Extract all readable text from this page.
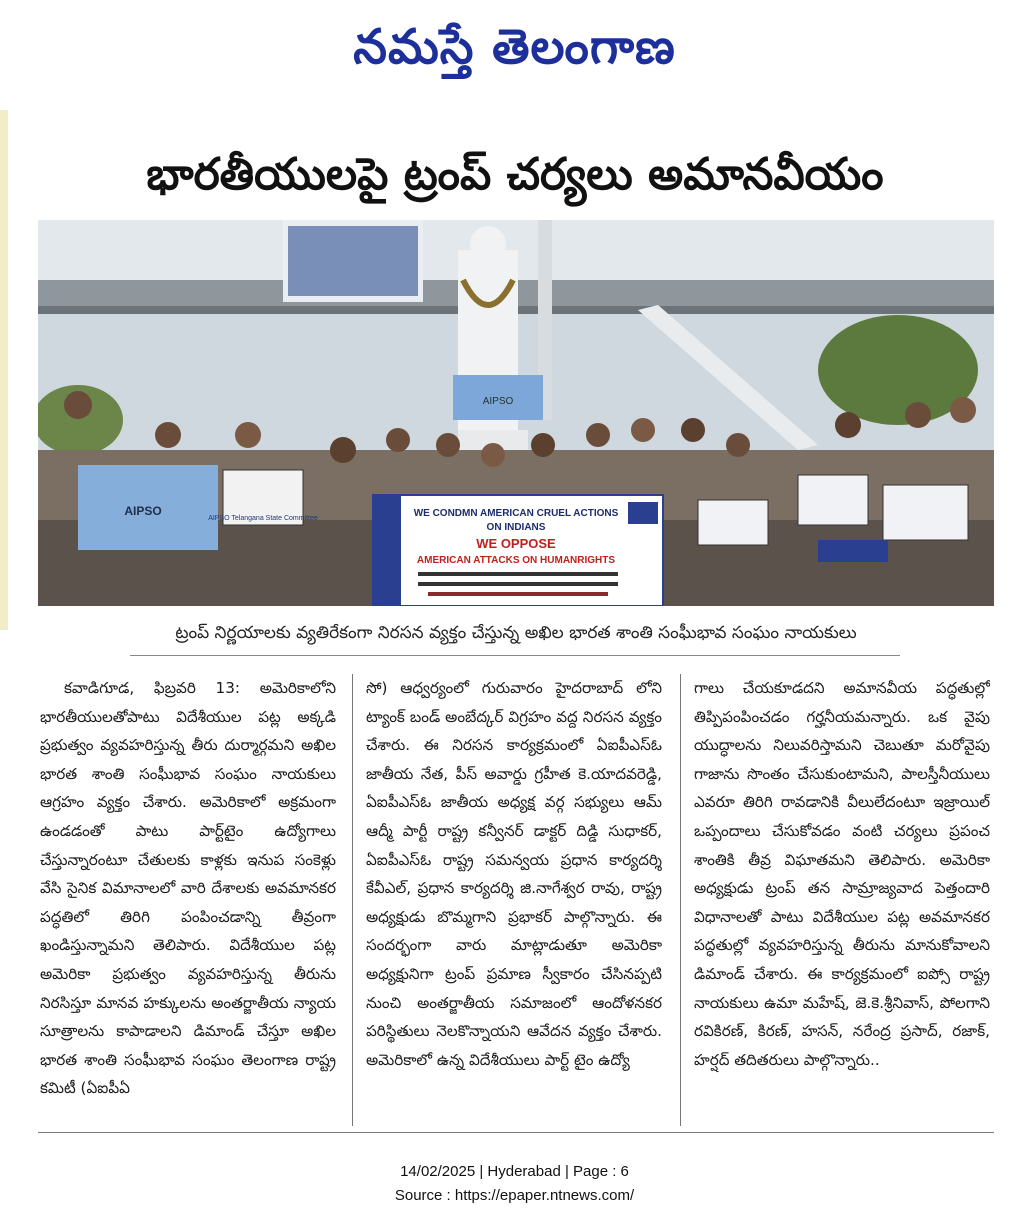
నమస్తే తెలంగాణ
భారతీయులపై ట్రంప్ చర్యలు అమానవీయం
AIPSO
AIPSO
AIPSO Telangana State Committee
AIPS
WE CONDMN AMERICAN CRUEL ACTIONS
ON INDIANS
WE OPPOSE
AMERICAN ATTACKS ON HUMANRIGHTS
ట్రంప్ నిర్ణయాలకు వ్యతిరేకంగా నిరసన వ్యక్తం చేస్తున్న అఖిల భారత శాంతి సంఘీభావ సంఘం నాయకులు
కవాడిగూడ, ఫిబ్రవరి 13: అమెరికాలోని భారతీయులతోపాటు విదేశీయుల పట్ల అక్కడి ప్రభుత్వం వ్యవహరిస్తున్న తీరు దుర్మార్గమని అఖిల భారత శాంతి సంఘీభావ సంఘం నాయకులు ఆగ్రహం వ్యక్తం చేశారు. అమెరికాలో అక్రమంగా ఉండడంతో పాటు పార్ట్‌టైం ఉద్యోగాలు చేస్తున్నారంటూ చేతులకు కాళ్లకు ఇనుప సంకెళ్లు వేసి సైనిక విమానాలలో వారి దేశాలకు అవమానకర పద్ధతిలో తిరిగి పంపించడాన్ని తీవ్రంగా ఖండిస్తున్నామని తెలిపారు. విదేశీయుల పట్ల అమెరికా ప్రభుత్వం వ్యవహరిస్తున్న తీరును నిరసిస్తూ మానవ హక్కులను అంతర్జాతీయ న్యాయ సూత్రాలను కాపాడాలని డిమాండ్ చేస్తూ అఖిల భారత శాంతి సంఘీభావ సంఘం తెలంగాణ రాష్ట్ర కమిటీ (ఏఐపీఏ
సో) ఆధ్వర్యంలో గురువారం హైదరాబాద్ లోని ట్యాంక్ బండ్ అంబేద్కర్ విగ్రహం వద్ద నిరసన వ్యక్తం చేశారు. ఈ నిరసన కార్యక్రమంలో ఏఐపీఎస్ఓ జాతీయ నేత, పీస్ అవార్డు గ్రహీత కె.యాదవరెడ్డి, ఏఐపీఎస్ఓ జాతీయ అధ్యక్ష వర్గ సభ్యులు ఆమ్ ఆద్మీ పార్టీ రాష్ట్ర కన్వీనర్ డాక్టర్ దిడ్డి సుధాకర్, ఏఐపీఎస్ఓ రాష్ట్ర సమన్వయ ప్రధాన కార్యదర్శి కేవీఎల్, ప్రధాన కార్యదర్శి జి.నాగేశ్వర రావు, రాష్ట్ర అధ్యక్షుడు బొమ్మగాని ప్రభాకర్ పాల్గొన్నారు. ఈ సందర్భంగా వారు మాట్లాడుతూ అమెరికా అధ్యక్షునిగా ట్రంప్ ప్రమాణ స్వీకారం చేసినప్పటి నుంచి అంతర్జాతీయ సమాజంలో ఆందోళనకర పరిస్థితులు నెలకొన్నాయని ఆవేదన వ్యక్తం చేశారు. అమెరికాలో ఉన్న విదేశీయులు పార్ట్ టైం ఉద్యో
గాలు చేయకూడదని అమానవీయ పద్ధతుల్లో తిప్పిపంపించడం గర్హనీయమన్నారు. ఒక వైపు యుద్ధాలను నిలువరిస్తామని చెబుతూ మరోవైపు గాజాను సొంతం చేసుకుంటామని, పాలస్తీనీయులు ఎవరూ తిరిగి రావడానికి వీలులేదంటూ ఇజ్రాయిల్ ఒప్పందాలు చేసుకోవడం వంటి చర్యలు ప్రపంచ శాంతికి తీవ్ర విఘాతమని తెలిపారు. అమెరికా అధ్యక్షుడు ట్రంప్ తన సామ్రాజ్యవాద పెత్తందారి విధానాలతో పాటు విదేశీయుల పట్ల అవమానకర పద్ధతుల్లో వ్యవహరిస్తున్న తీరును మానుకోవాలని డిమాండ్ చేశారు. ఈ కార్యక్రమంలో ఐప్సో రాష్ట్ర నాయకులు ఉమా మహేష్, జె.కె.శ్రీనివాస్, పోలగాని రవికిరణ్, కిరణ్, హసన్, నరేంద్ర ప్రసాద్, రజాక్, హర్షద్ తదితరులు పాల్గొన్నారు..
14/02/2025 | Hyderabad | Page : 6
Source : https://epaper.ntnews.com/
